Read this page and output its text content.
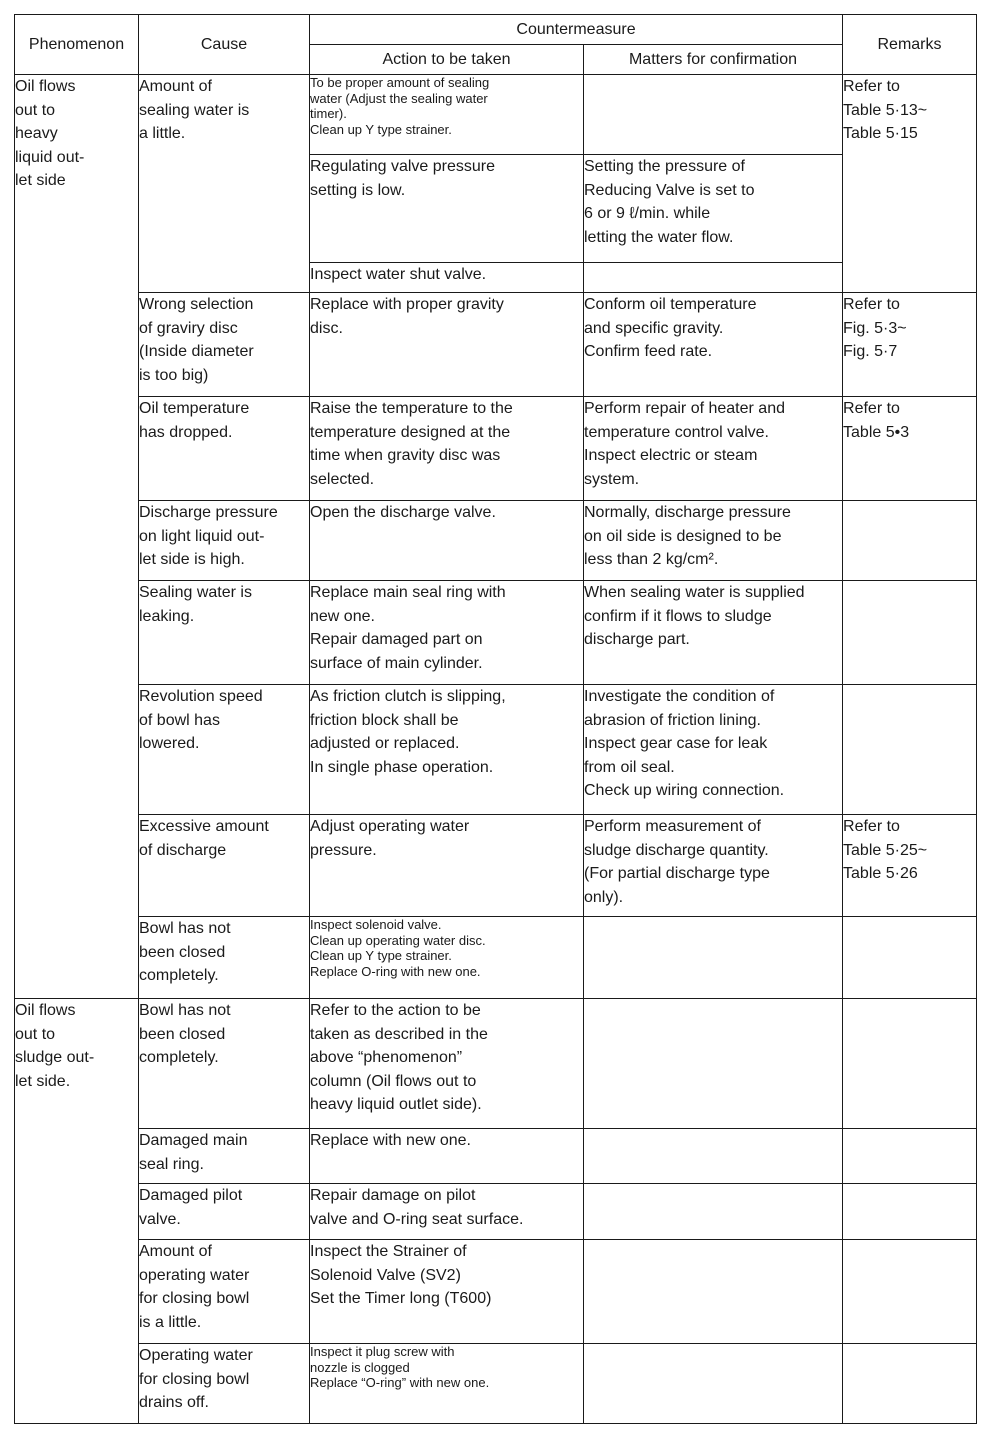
Phenomenon	Cause	Countermeasure		Remarks
		Action to be taken	Matters for confirmation	

Oil flows
out to
heavy
liquid out-
let side	Amount of
sealing water is
a little.	To be proper amount of sealing
water (Adjust the sealing water
timer).
Clean up Y type strainer.		Refer to
Table 5·13~
Table 5·15

		Regulating valve pressure
setting is low.	Setting the pressure of
Reducing Valve is set to
6 or 9 ℓ/min. while
letting the water flow.	

		Inspect water shut valve.		

	Wrong selection
of graviry disc
(Inside diameter
is too big)	Replace with proper gravity
disc.	Conform oil temperature
and specific gravity.
Confirm feed rate.	Refer to
Fig. 5·3~
Fig. 5·7

	Oil temperature
has dropped.	Raise the temperature to the
temperature designed at the
time when gravity disc was
selected.	Perform repair of heater and
temperature control valve.
Inspect electric or steam
system.	Refer to
Table 5•3

	Discharge pressure
on light liquid out-
let side is high.	Open the discharge valve.	Normally, discharge pressure
on oil side is designed to be
less than 2 kg/cm².	

	Sealing water is
leaking.	Replace main seal ring with
new one.
Repair damaged part on
surface of main cylinder.	When sealing water is supplied
confirm if it flows to sludge
discharge part.	

	Revolution speed
of bowl has
lowered.	As friction clutch is slipping,
friction block shall be
adjusted or replaced.
In single phase operation.	Investigate the condition of
abrasion of friction lining.
Inspect gear case for leak
from oil seal.
Check up wiring connection.	

	Excessive amount
of discharge	Adjust operating water
pressure.	Perform measurement of
sludge discharge quantity.
(For partial discharge type
only).	Refer to
Table 5·25~
Table 5·26

	Bowl has not
been closed
completely.	Inspect solenoid valve.
Clean up operating water disc.
Clean up Y type strainer.
Replace O-ring with new one.		

Oil flows
out to
sludge out-
let side.	Bowl has not
been closed
completely.	Refer to the action to be
taken as described in the
above “phenomenon”
column (Oil flows out to
heavy liquid outlet side).		

	Damaged main
seal ring.	Replace with new one.		

	Damaged pilot
valve.	Repair damage on pilot
valve and O-ring seat surface.		

	Amount of
operating water
for closing bowl
is a little.	Inspect the Strainer of
Solenoid Valve (SV2)
Set the Timer long (T600)		

	Operating water
for closing bowl
drains off.	Inspect it plug screw with
nozzle is clogged
Replace “O-ring” with new one.		
